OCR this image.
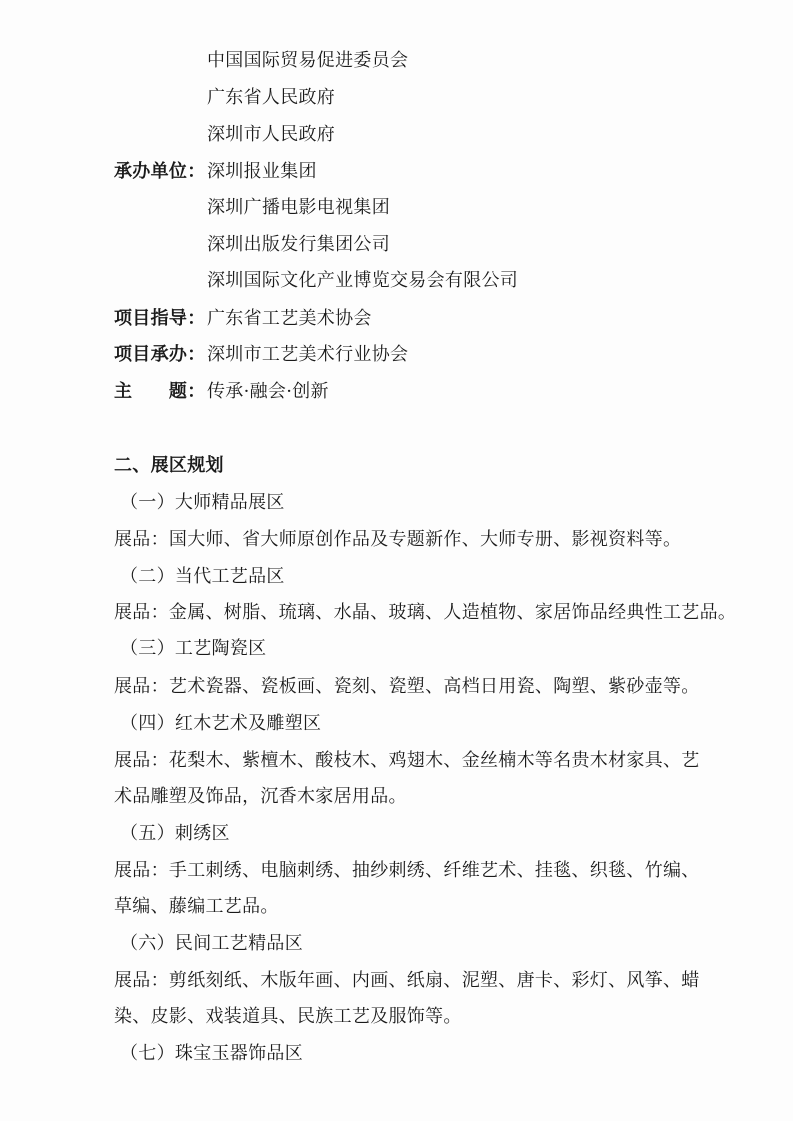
中国国际贸易促进委员会
广东省人民政府
深圳市人民政府
承办单位： 深圳报业集团
深圳广播电影电视集团
深圳出版发行集团公司
深圳国际文化产业博览交易会有限公司
项目指导： 广东省工艺美术协会
项目承办： 深圳市工艺美术行业协会
主　　题： 传承·融会·创新
二、展区规划
（一）大师精品展区
展品：国大师、省大师原创作品及专题新作、大师专册、影视资料等。
（二）当代工艺品区
展品：金属、树脂、琉璃、水晶、玻璃、人造植物、家居饰品经典性工艺品。
（三）工艺陶瓷区
展品：艺术瓷器、瓷板画、瓷刻、瓷塑、高档日用瓷、陶塑、紫砂壶等。
（四）红木艺术及雕塑区
展品：花梨木、紫檀木、酸枝木、鸡翅木、金丝楠木等名贵木材家具、艺
术品雕塑及饰品，沉香木家居用品。
（五）刺绣区
展品：手工刺绣、电脑刺绣、抽纱刺绣、纤维艺术、挂毯、织毯、竹编、
草编、藤编工艺品。
（六）民间工艺精品区
展品：剪纸刻纸、木版年画、内画、纸扇、泥塑、唐卡、彩灯、风筝、蜡
染、皮影、戏装道具、民族工艺及服饰等。
（七）珠宝玉器饰品区
